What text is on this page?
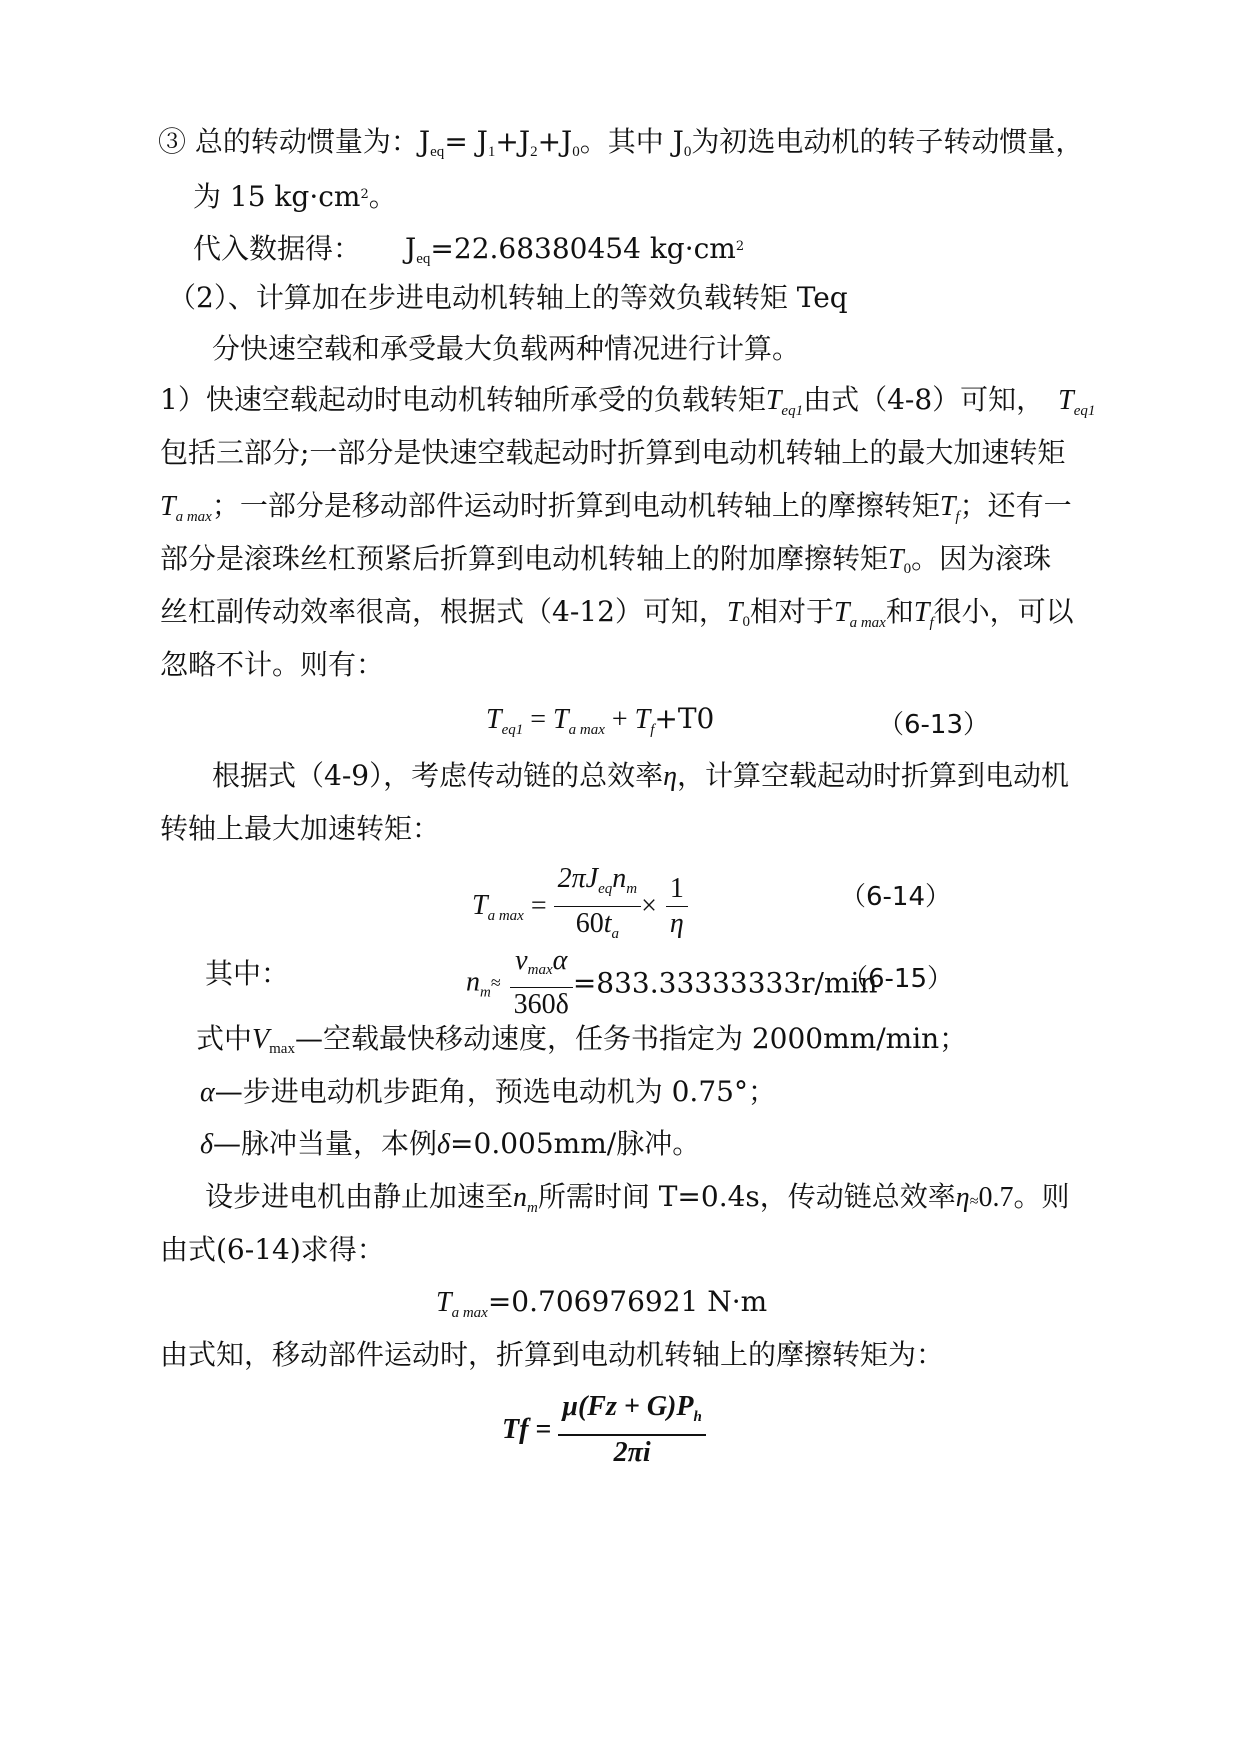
③ 总的转动惯量为：$J_{eq}= J_1+J_2+J_0$。其中 $J_0$为初选电动机的转子转动惯量，
为 15 $kg\cdot cm^2$。
代入数据得： $J_{eq}=22.68380454$ $kg\cdot cm^2$
（2）、计算加在步进电动机转轴上的等效负载转矩 Teq
分快速空载和承受最大负载两种情况进行计算。
1）快速空载起动时电动机转轴所承受的负载转矩$T_{eq1}$由式（4-8）可知， $T_{eq1}$
包括三部分;一部分是快速空载起动时折算到电动机转轴上的最大加速转矩
$T_{a max}$；一部分是移动部件运动时折算到电动机转轴上的摩擦转矩$T_f$；还有一
部分是滚珠丝杠预紧后折算到电动机转轴上的附加摩擦转矩$T_0$。因为滚珠
丝杠副传动效率很高，根据式（4-12）可知，$T_0$相对于$T_{a max}$和$T_f$很小，可以
忽略不计。则有：
$T_{eq1} = T_{a max} + T_f+T0$	（6-13）
根据式（4-9），考虑传动链的总效率η，计算空载起动时折算到电动机
转轴上最大加速转矩：
$T_{a max} = \frac{2\pi J_{eq}n_m}{60t_a} \times \frac{1}{\eta}$	（6-14）
其中：	$n_m\approx \frac{v_{max}\alpha}{360\delta} =833.33333333r/\min$
（6-15）
式中$V_{max}—$空载最快移动速度，任务书指定为 2000mm/min；
α—步进电动机步距角，预选电动机为 0.75°；
δ—脉冲当量，本例δ=0.005mm/脉冲。
设步进电机由静止加速至$n_m$所需时间 T=0.4s，传动链总效率η≈0.7。则
由式(6-14)求得：
$T_{a max}=0.706976921$ N·m
由式知，移动部件运动时，折算到电动机转轴上的摩擦转矩为：
$Tf = \frac{\mu(Fz + G)P_h}{2\pi i}$
